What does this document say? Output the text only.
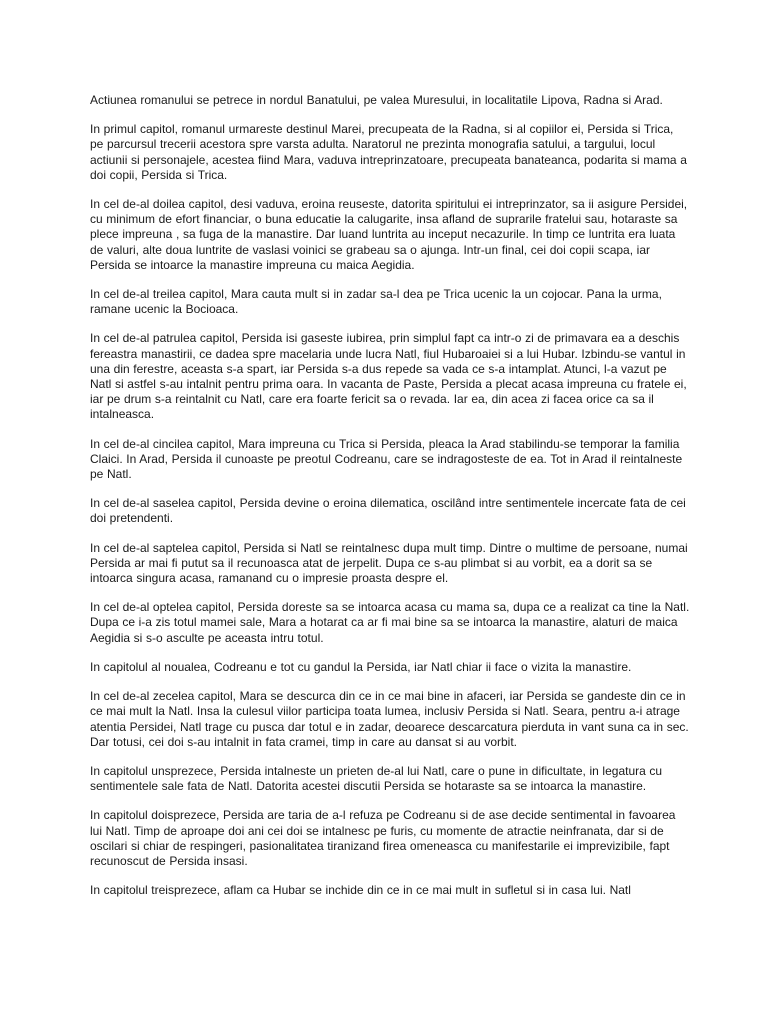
Actiunea romanului se petrece in nordul Banatului, pe valea Muresului, in localitatile Lipova, Radna si Arad.

In primul capitol, romanul urmareste destinul Marei, precupeata de la Radna, si al copiilor ei, Persida si Trica, pe parcursul trecerii acestora spre varsta adulta. Naratorul ne prezinta monografia satului, a targului, locul actiunii si personajele, acestea fiind Mara, vaduva intreprinzatoare, precupeata banateanca, podarita si mama a doi copii, Persida si Trica.

In cel de-al doilea capitol, desi vaduva, eroina reuseste, datorita spiritului ei intreprinzator, sa ii asigure Persidei, cu minimum de efort financiar, o buna educatie la calugarite, insa afland de suprarile fratelui sau, hotaraste sa plece impreuna , sa fuga de la manastire. Dar luand luntrita au inceput necazurile. In timp ce luntrita era luata de valuri, alte doua luntrite de vaslasi voinici se grabeau sa o ajunga. Intr-un final, cei doi copii scapa, iar Persida se intoarce la manastire impreuna cu maica Aegidia.

In cel de-al treilea capitol, Mara cauta mult si in zadar sa-l dea pe Trica ucenic la un cojocar. Pana la urma, ramane ucenic la Bocioaca.

In cel de-al patrulea capitol, Persida isi gaseste iubirea, prin simplul fapt ca intr-o zi de primavara ea a deschis fereastra manastirii, ce dadea spre macelaria unde lucra Natl, fiul Hubaroaiei si a lui Hubar. Izbindu-se vantul in una din ferestre, aceasta s-a spart, iar Persida s-a dus repede sa vada ce s-a intamplat. Atunci, l-a vazut pe Natl si astfel s-au intalnit pentru prima oara. In vacanta de Paste, Persida a plecat acasa impreuna cu fratele ei, iar pe drum s-a reintalnit cu Natl, care era foarte fericit sa o revada. Iar ea, din acea zi facea orice ca sa il intalneasca.

In cel de-al cincilea capitol, Mara impreuna cu Trica si Persida, pleaca la Arad stabilindu-se temporar la familia Claici. In Arad, Persida il cunoaste pe preotul Codreanu, care se indragosteste de ea. Tot in Arad il reintalneste pe Natl.

In cel de-al saselea capitol, Persida devine o eroina dilematica, oscilând intre sentimentele incercate fata de cei doi pretendenti.

In cel de-al saptelea capitol, Persida si Natl se reintalnesc dupa mult timp. Dintre o multime de persoane, numai Persida ar mai fi putut sa il recunoasca atat de jerpelit. Dupa ce s-au plimbat si au vorbit, ea a dorit sa se intoarca singura acasa, ramanand cu o impresie proasta despre el.

In cel de-al optelea capitol, Persida doreste sa se intoarca acasa cu mama sa, dupa ce a realizat ca tine la Natl. Dupa ce i-a zis totul mamei sale, Mara a hotarat ca ar fi mai bine sa se intoarca la manastire, alaturi de maica Aegidia si s-o asculte pe aceasta intru totul.

In capitolul al noualea, Codreanu e tot cu gandul la Persida, iar Natl chiar ii face o vizita la manastire.

In cel de-al zecelea capitol, Mara se descurca din ce in ce mai bine in afaceri, iar Persida se gandeste din ce in ce mai mult la Natl. Insa la culesul viilor participa toata lumea, inclusiv Persida si Natl. Seara, pentru a-i atrage atentia Persidei, Natl trage cu pusca dar totul e in zadar, deoarece descarcatura pierduta in vant suna ca in sec. Dar totusi, cei doi s-au intalnit in fata cramei, timp in care au dansat si au vorbit.

In capitolul unsprezece, Persida intalneste un prieten de-al lui Natl, care o pune in dificultate, in legatura cu sentimentele sale fata de Natl. Datorita acestei discutii Persida se hotaraste sa se intoarca la manastire.

In capitolul doisprezece, Persida are taria de a-l refuza pe Codreanu si de ase decide sentimental in favoarea lui Natl. Timp de aproape doi ani cei doi se intalnesc pe furis, cu momente de atractie neinfranata, dar si de oscilari si chiar de respingeri, pasionalitatea tiranizand firea omeneasca cu manifestarile ei imprevizibile, fapt recunoscut de Persida insasi.

In capitolul treisprezece, aflam ca Hubar se inchide din ce in ce mai mult in sufletul si in casa lui. Natl
